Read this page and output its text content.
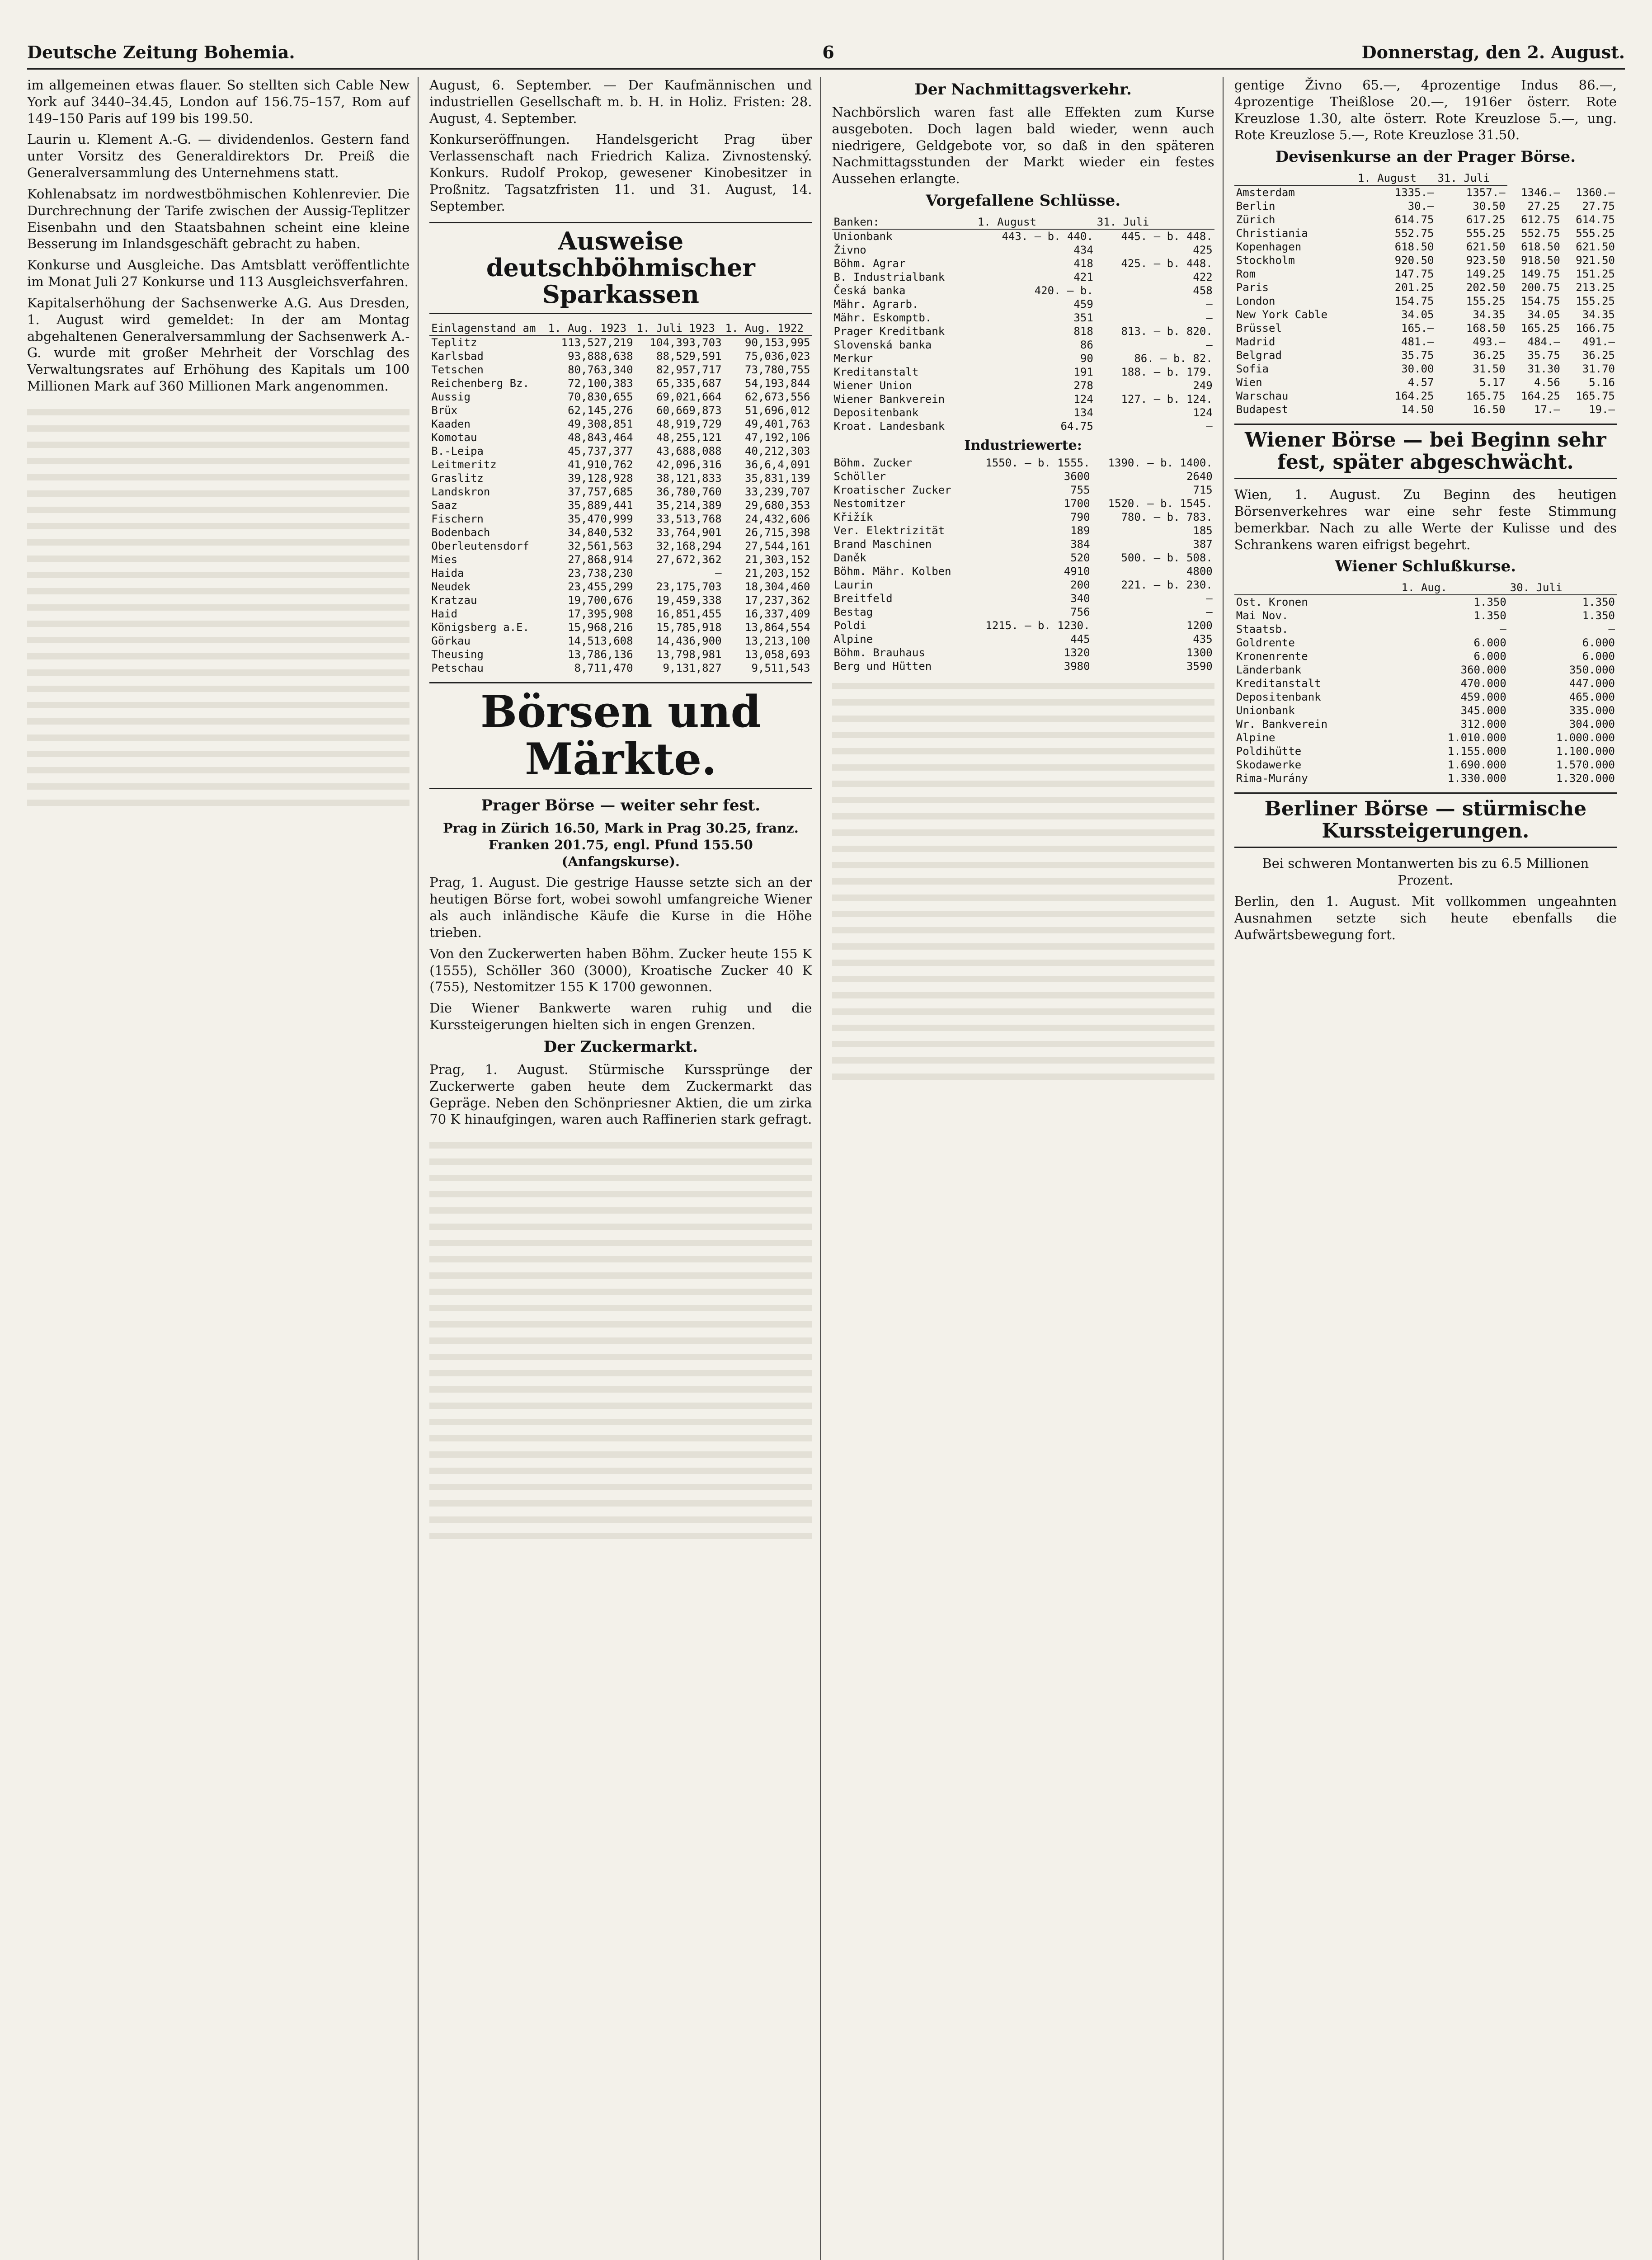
Deutsche Zeitung Bohemia.	6	Donnerstag, den 2. August.

im allgemeinen etwas flauer. So stellten sich Cable New York auf 3440–34.45, London auf 156.75–157, Rom auf 149–150 Paris auf 199 bis 199.50.

Laurin u. Klement A.-G. — dividendenlos. Gestern fand unter Vorsitz des Generaldirektors Dr. Preiß die Generalversammlung des Unternehmens statt.

Kohlenabsatz im nordwestböhmischen Kohlenrevier. Die Durchrechnung der Tarife zwischen der Aussig-Teplitzer Eisenbahn und den Staatsbahnen scheint eine kleine Besserung im Inlandsgeschäft gebracht zu haben.

Konkurse und Ausgleiche. Das Amtsblatt veröffentlichte im Monat Juli 27 Konkurse und 113 Ausgleichsverfahren.

Kapitalserhöhung der Sachsenwerke A.G. Aus Dresden, 1. August wird gemeldet: In der am Montag abgehaltenen Generalversammlung der Sachsenwerk A.-G. wurde mit großer Mehrheit der Vorschlag des Verwaltungsrates auf Erhöhung des Kapitals um 100 Millionen Mark auf 360 Millionen Mark angenommen.

August, 6. September. — Der Kaufmännischen und industriellen Gesellschaft m. b. H. in Holiz. Fristen: 28. August, 4. September.

Konkurseröffnungen. Handelsgericht Prag über Verlassenschaft nach Friedrich Kaliza. Zivnostenský. Konkurs. Rudolf Prokop, gewesener Kinobesitzer in Proßnitz. Tagsatzfristen 11. und 31. August, 14. September.

Ausweise deutschböhmischer Sparkassen
Einlagenstand am	1. Aug. 1923	1. Juli 1923	1. Aug. 1922
Teplitz	113,527,219	104,393,703	90,153,995
Karlsbad	93,888,638	88,529,591	75,036,023
Tetschen	80,763,340	82,957,717	73,780,755
Reichenberg Bz.	72,100,383	65,335,687	54,193,844
Aussig	70,830,655	69,021,664	62,673,556
Brüx	62,145,276	60,669,873	51,696,012
Kaaden	49,308,851	48,919,729	49,401,763
Komotau	48,843,464	48,255,121	47,192,106
B.-Leipa	45,737,377	43,688,088	40,212,303
Leitmeritz	41,910,762	42,096,316	36,6,4,091
Graslitz	39,128,928	38,121,833	35,831,139
Landskron	37,757,685	36,780,760	33,239,707
Saaz	35,889,441	35,214,389	29,680,353
Fischern	35,470,999	33,513,768	24,432,606
Bodenbach	34,840,532	33,764,901	26,715,398
Oberleutensdorf	32,561,563	32,168,294	27,544,161
Mies	27,868,914	27,672,362	21,303,152
Haida	23,738,230	—	21,203,152
Neudek	23,455,299	23,175,703	18,304,460
Kratzau	19,700,676	19,459,338	17,237,362
Haid	17,395,908	16,851,455	16,337,409
Königsberg a.E.	15,968,216	15,785,918	13,864,554
Görkau	14,513,608	14,436,900	13,213,100
Theusing	13,786,136	13,798,981	13,058,693
Petschau	8,711,470	9,131,827	9,511,543
Börsen und Märkte.
Prager Börse — weiter sehr fest.

Prag in Zürich 16.50, Mark in Prag 30.25, franz. Franken 201.75, engl. Pfund 155.50 (Anfangskurse).

Prag, 1. August. Die gestrige Hausse setzte sich an der heutigen Börse fort, wobei sowohl umfangreiche Wiener als auch inländische Käufe die Kurse in die Höhe trieben.

Von den Zuckerwerten haben Böhm. Zucker heute 155 K (1555), Schöller 360 (3000), Kroatische Zucker 40 K (755), Nestomitzer 155 K 1700 gewonnen.

Die Wiener Bankwerte waren ruhig und die Kurssteigerungen hielten sich in engen Grenzen.

Der Zuckermarkt.

Prag, 1. August. Stürmische Kurssprünge der Zuckerwerte gaben heute dem Zuckermarkt das Gepräge. Neben den Schönpriesner Aktien, die um zirka 70 K hinaufgingen, waren auch Raffinerien stark gefragt.

Der Nachmittagsverkehr.

Nachbörslich waren fast alle Effekten zum Kurse ausgeboten. Doch lagen bald wieder, wenn auch niedrigere, Geldgebote vor, so daß in den späteren Nachmittagsstunden der Markt wieder ein festes Aussehen erlangte.

Vorgefallene Schlüsse.
Banken:	1. August	31. Juli
Unionbank	443. – b. 440.	445. – b. 448.
Živno	434	425
Böhm. Agrar	418	425. – b. 448.
B. Industrialbank	421	422
Česká banka	420. – b.	458
Mähr. Agrarb.	459	—
Mähr. Eskomptb.	351	—
Prager Kreditbank	818	813. – b. 820.
Slovenská banka	86	—
Merkur	90	86. – b. 82.
Kreditanstalt	191	188. – b. 179.
Wiener Union	278	249
Wiener Bankverein	124	127. – b. 124.
Depositenbank	134	124
Kroat. Landesbank	64.75	—
Industriewerte:
Böhm. Zucker	1550. – b. 1555.	1390. – b. 1400.
Schöller	3600	2640
Kroatischer Zucker	755	715
Nestomitzer	1700	1520. – b. 1545.
Křižík	790	780. – b. 783.
Ver. Elektrizität	189	185
Brand Maschinen	384	387
Daněk	520	500. – b. 508.
Böhm. Mähr. Kolben	4910	4800
Laurin	200	221. – b. 230.
Breitfeld	340	—
Bestag	756	—
Poldi	1215. – b. 1230.	1200
Alpine	445	435
Böhm. Brauhaus	1320	1300
Berg und Hütten	3980	3590

gentige Živno 65.—, 4prozentige Indus 86.—, 4prozentige Theißlose 20.—, 1916er österr. Rote Kreuzlose 1.30, alte österr. Rote Kreuzlose 5.—, ung. Rote Kreuzlose 5.—, Rote Kreuzlose 31.50.

Devisenkurse an der Prager Börse.
	1. August	31. Juli		
Amsterdam	1335.—	1357.—	1346.—	1360.—
Berlin	30.—	30.50	27.25	27.75
Zürich	614.75	617.25	612.75	614.75
Christiania	552.75	555.25	552.75	555.25
Kopenhagen	618.50	621.50	618.50	621.50
Stockholm	920.50	923.50	918.50	921.50
Rom	147.75	149.25	149.75	151.25
Paris	201.25	202.50	200.75	213.25
London	154.75	155.25	154.75	155.25
New York Cable	34.05	34.35	34.05	34.35
Brüssel	165.—	168.50	165.25	166.75
Madrid	481.—	493.—	484.—	491.—
Belgrad	35.75	36.25	35.75	36.25
Sofia	30.00	31.50	31.30	31.70
Wien	4.57	5.17	4.56	5.16
Warschau	164.25	165.75	164.25	165.75
Budapest	14.50	16.50	17.—	19.—
Wiener Börse — bei Beginn sehr fest, später abgeschwächt.

Wien, 1. August. Zu Beginn des heutigen Börsenverkehres war eine sehr feste Stimmung bemerkbar. Nach zu alle Werte der Kulisse und des Schrankens waren eifrigst begehrt.

Wiener Schlußkurse.
	1. Aug.	30. Juli
Ost. Kronen	1.350	1.350
Mai Nov.	1.350	1.350
Staatsb.	—	—
Goldrente	6.000	6.000
Kronenrente	6.000	6.000
Länderbank	360.000	350.000
Kreditanstalt	470.000	447.000
Depositenbank	459.000	465.000
Unionbank	345.000	335.000
Wr. Bankverein	312.000	304.000
Alpine	1.010.000	1.000.000
Poldihütte	1.155.000	1.100.000
Skodawerke	1.690.000	1.570.000
Rima-Murány	1.330.000	1.320.000
Berliner Börse — stürmische Kurssteigerungen.

Bei schweren Montanwerten bis zu 6.5 Millionen Prozent.

Berlin, den 1. August. Mit vollkommen ungeahnten Ausnahmen setzte sich heute ebenfalls die Aufwärtsbewegung fort.
